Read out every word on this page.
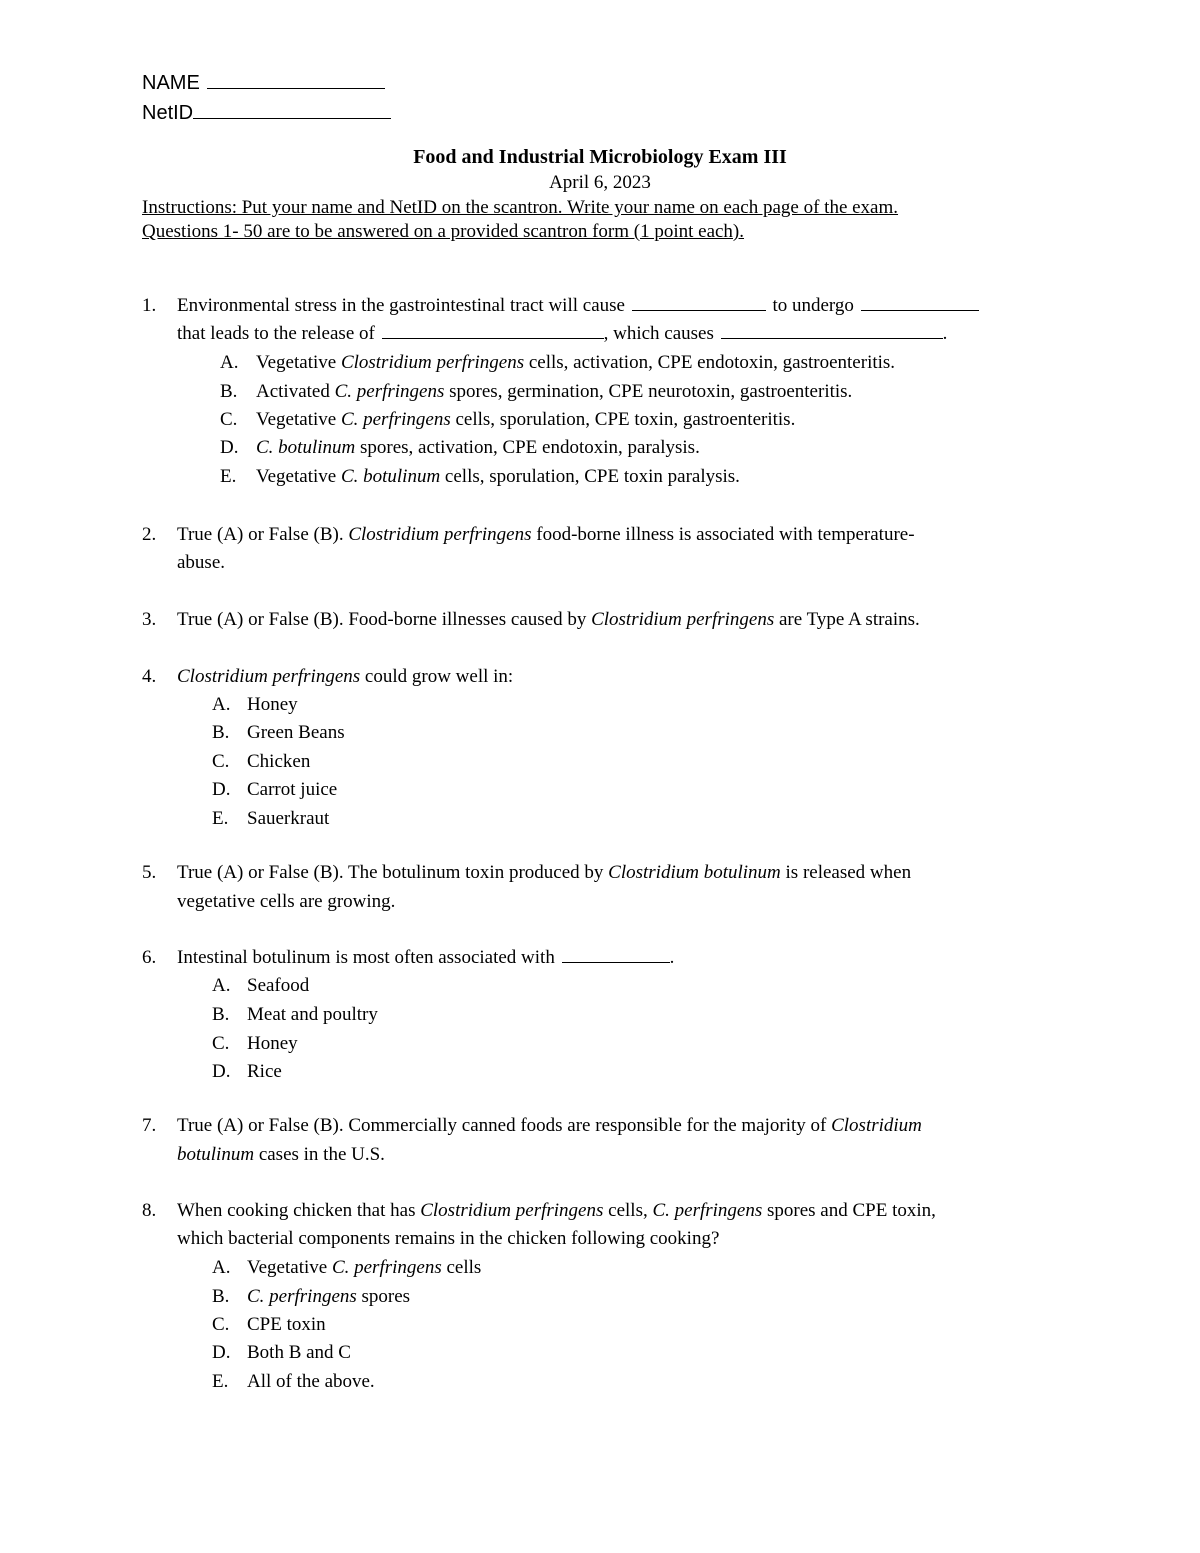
NAME
NetID
Food and Industrial Microbiology Exam III
April 6, 2023
Instructions: Put your name and NetID on the scantron. Write your name on each page of the exam.
Questions 1- 50 are to be answered on a provided scantron form (1 point each).
1. Environmental stress in the gastrointestinal tract will cause	to undergo
that leads to the release of	, which causes	.
A. Vegetative Clostridium perfringens cells, activation, CPE endotoxin, gastroenteritis.
B. Activated C. perfringens spores, germination, CPE neurotoxin, gastroenteritis.
C. Vegetative C. perfringens cells, sporulation, CPE toxin, gastroenteritis.
D. C. botulinum spores, activation, CPE endotoxin, paralysis.
E. Vegetative C. botulinum cells, sporulation, CPE toxin paralysis.
2. True (A) or False (B). Clostridium perfringens food-borne illness is associated with temperature-
abuse.
3. True (A) or False (B). Food-borne illnesses caused by Clostridium perfringens are Type A strains.
4. Clostridium perfringens could grow well in:
A. Honey
B. Green Beans
C. Chicken
D. Carrot juice
E. Sauerkraut
5. True (A) or False (B). The botulinum toxin produced by Clostridium botulinum is released when
vegetative cells are growing.
6. Intestinal botulinum is most often associated with	.
A. Seafood
B. Meat and poultry
C. Honey
D. Rice
7. True (A) or False (B). Commercially canned foods are responsible for the majority of Clostridium
botulinum cases in the U.S.
8. When cooking chicken that has Clostridium perfringens cells, C. perfringens spores and CPE toxin,
which bacterial components remains in the chicken following cooking?
A. Vegetative C. perfringens cells
B. C. perfringens spores
C. CPE toxin
D. Both B and C
E. All of the above.
